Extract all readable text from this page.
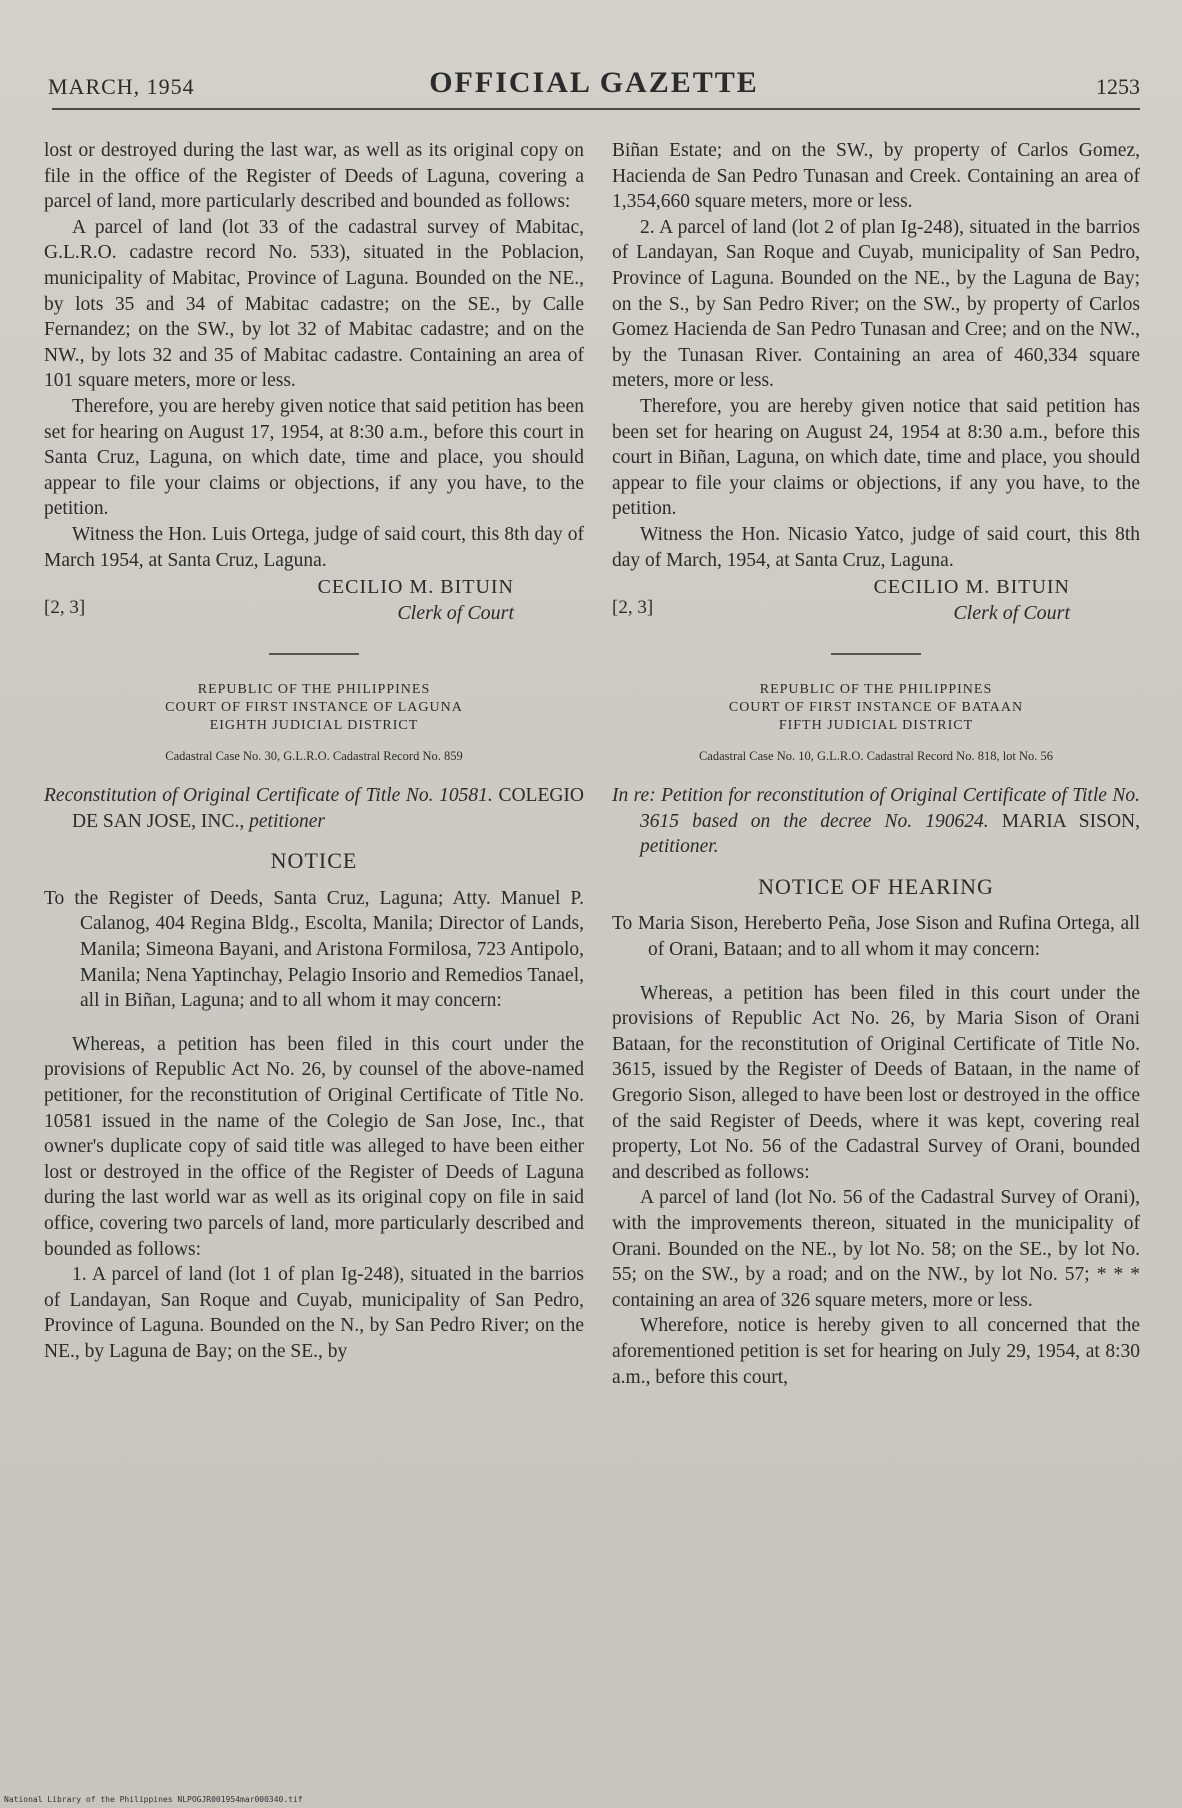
MARCH, 1954	OFFICIAL GAZETTE	1253

lost or destroyed during the last war, as well as its original copy on file in the office of the Register of Deeds of Laguna, covering a parcel of land, more particularly described and bounded as follows:

A parcel of land (lot 33 of the cadastral survey of Mabitac, G.L.R.O. cadastre record No. 533), situated in the Poblacion, municipality of Mabitac, Province of Laguna. Bounded on the NE., by lots 35 and 34 of Mabitac cadastre; on the SE., by Calle Fernandez; on the SW., by lot 32 of Mabitac cadastre; and on the NW., by lots 32 and 35 of Mabitac cadastre. Containing an area of 101 square meters, more or less.

Therefore, you are hereby given notice that said petition has been set for hearing on August 17, 1954, at 8:30 a.m., before this court in Santa Cruz, Laguna, on which date, time and place, you should appear to file your claims or objections, if any you have, to the petition.

Witness the Hon. Luis Ortega, judge of said court, this 8th day of March 1954, at Santa Cruz, Laguna.

CECILIO M. BITUIN
Clerk of Court
[2, 3]
REPUBLIC OF THE PHILIPPINES
COURT OF FIRST INSTANCE OF LAGUNA
EIGHTH JUDICIAL DISTRICT
Cadastral Case No. 30, G.L.R.O. Cadastral Record No. 859

Reconstitution of Original Certificate of Title No. 10581. COLEGIO DE SAN JOSE, INC., petitioner

NOTICE

To the Register of Deeds, Santa Cruz, Laguna; Atty. Manuel P. Calanog, 404 Regina Bldg., Escolta, Manila; Director of Lands, Manila; Simeona Bayani, and Aristona Formilosa, 723 Antipolo, Manila; Nena Yaptinchay, Pelagio Insorio and Remedios Tanael, all in Biñan, Laguna; and to all whom it may concern:

Whereas, a petition has been filed in this court under the provisions of Republic Act No. 26, by counsel of the above-named petitioner, for the reconstitution of Original Certificate of Title No. 10581 issued in the name of the Colegio de San Jose, Inc., that owner's duplicate copy of said title was alleged to have been either lost or destroyed in the office of the Register of Deeds of Laguna during the last world war as well as its original copy on file in said office, covering two parcels of land, more particularly described and bounded as follows:

1. A parcel of land (lot 1 of plan Ig-248), situated in the barrios of Landayan, San Roque and Cuyab, municipality of San Pedro, Province of Laguna. Bounded on the N., by San Pedro River; on the NE., by Laguna de Bay; on the SE., by

Biñan Estate; and on the SW., by property of Carlos Gomez, Hacienda de San Pedro Tunasan and Creek. Containing an area of 1,354,660 square meters, more or less.

2. A parcel of land (lot 2 of plan Ig-248), situated in the barrios of Landayan, San Roque and Cuyab, municipality of San Pedro, Province of Laguna. Bounded on the NE., by the Laguna de Bay; on the S., by San Pedro River; on the SW., by property of Carlos Gomez Hacienda de San Pedro Tunasan and Cree; and on the NW., by the Tunasan River. Containing an area of 460,334 square meters, more or less.

Therefore, you are hereby given notice that said petition has been set for hearing on August 24, 1954 at 8:30 a.m., before this court in Biñan, Laguna, on which date, time and place, you should appear to file your claims or objections, if any you have, to the petition.

Witness the Hon. Nicasio Yatco, judge of said court, this 8th day of March, 1954, at Santa Cruz, Laguna.

CECILIO M. BITUIN
Clerk of Court
[2, 3]
REPUBLIC OF THE PHILIPPINES
COURT OF FIRST INSTANCE OF BATAAN
FIFTH JUDICIAL DISTRICT
Cadastral Case No. 10, G.L.R.O. Cadastral Record No. 818, lot No. 56

In re: Petition for reconstitution of Original Certificate of Title No. 3615 based on the decree No. 190624. MARIA SISON, petitioner.

NOTICE OF HEARING

To Maria Sison, Hereberto Peña, Jose Sison and Rufina Ortega, all of Orani, Bataan; and to all whom it may concern:

Whereas, a petition has been filed in this court under the provisions of Republic Act No. 26, by Maria Sison of Orani Bataan, for the reconstitution of Original Certificate of Title No. 3615, issued by the Register of Deeds of Bataan, in the name of Gregorio Sison, alleged to have been lost or destroyed in the office of the said Register of Deeds, where it was kept, covering real property, Lot No. 56 of the Cadastral Survey of Orani, bounded and described as follows:

A parcel of land (lot No. 56 of the Cadastral Survey of Orani), with the improvements thereon, situated in the municipality of Orani. Bounded on the NE., by lot No. 58; on the SE., by lot No. 55; on the SW., by a road; and on the NW., by lot No. 57; * * * containing an area of 326 square meters, more or less.

Wherefore, notice is hereby given to all concerned that the aforementioned petition is set for hearing on July 29, 1954, at 8:30 a.m., before this court,

National Library of the Philippines NLPOGJR001954mar000340.tif
